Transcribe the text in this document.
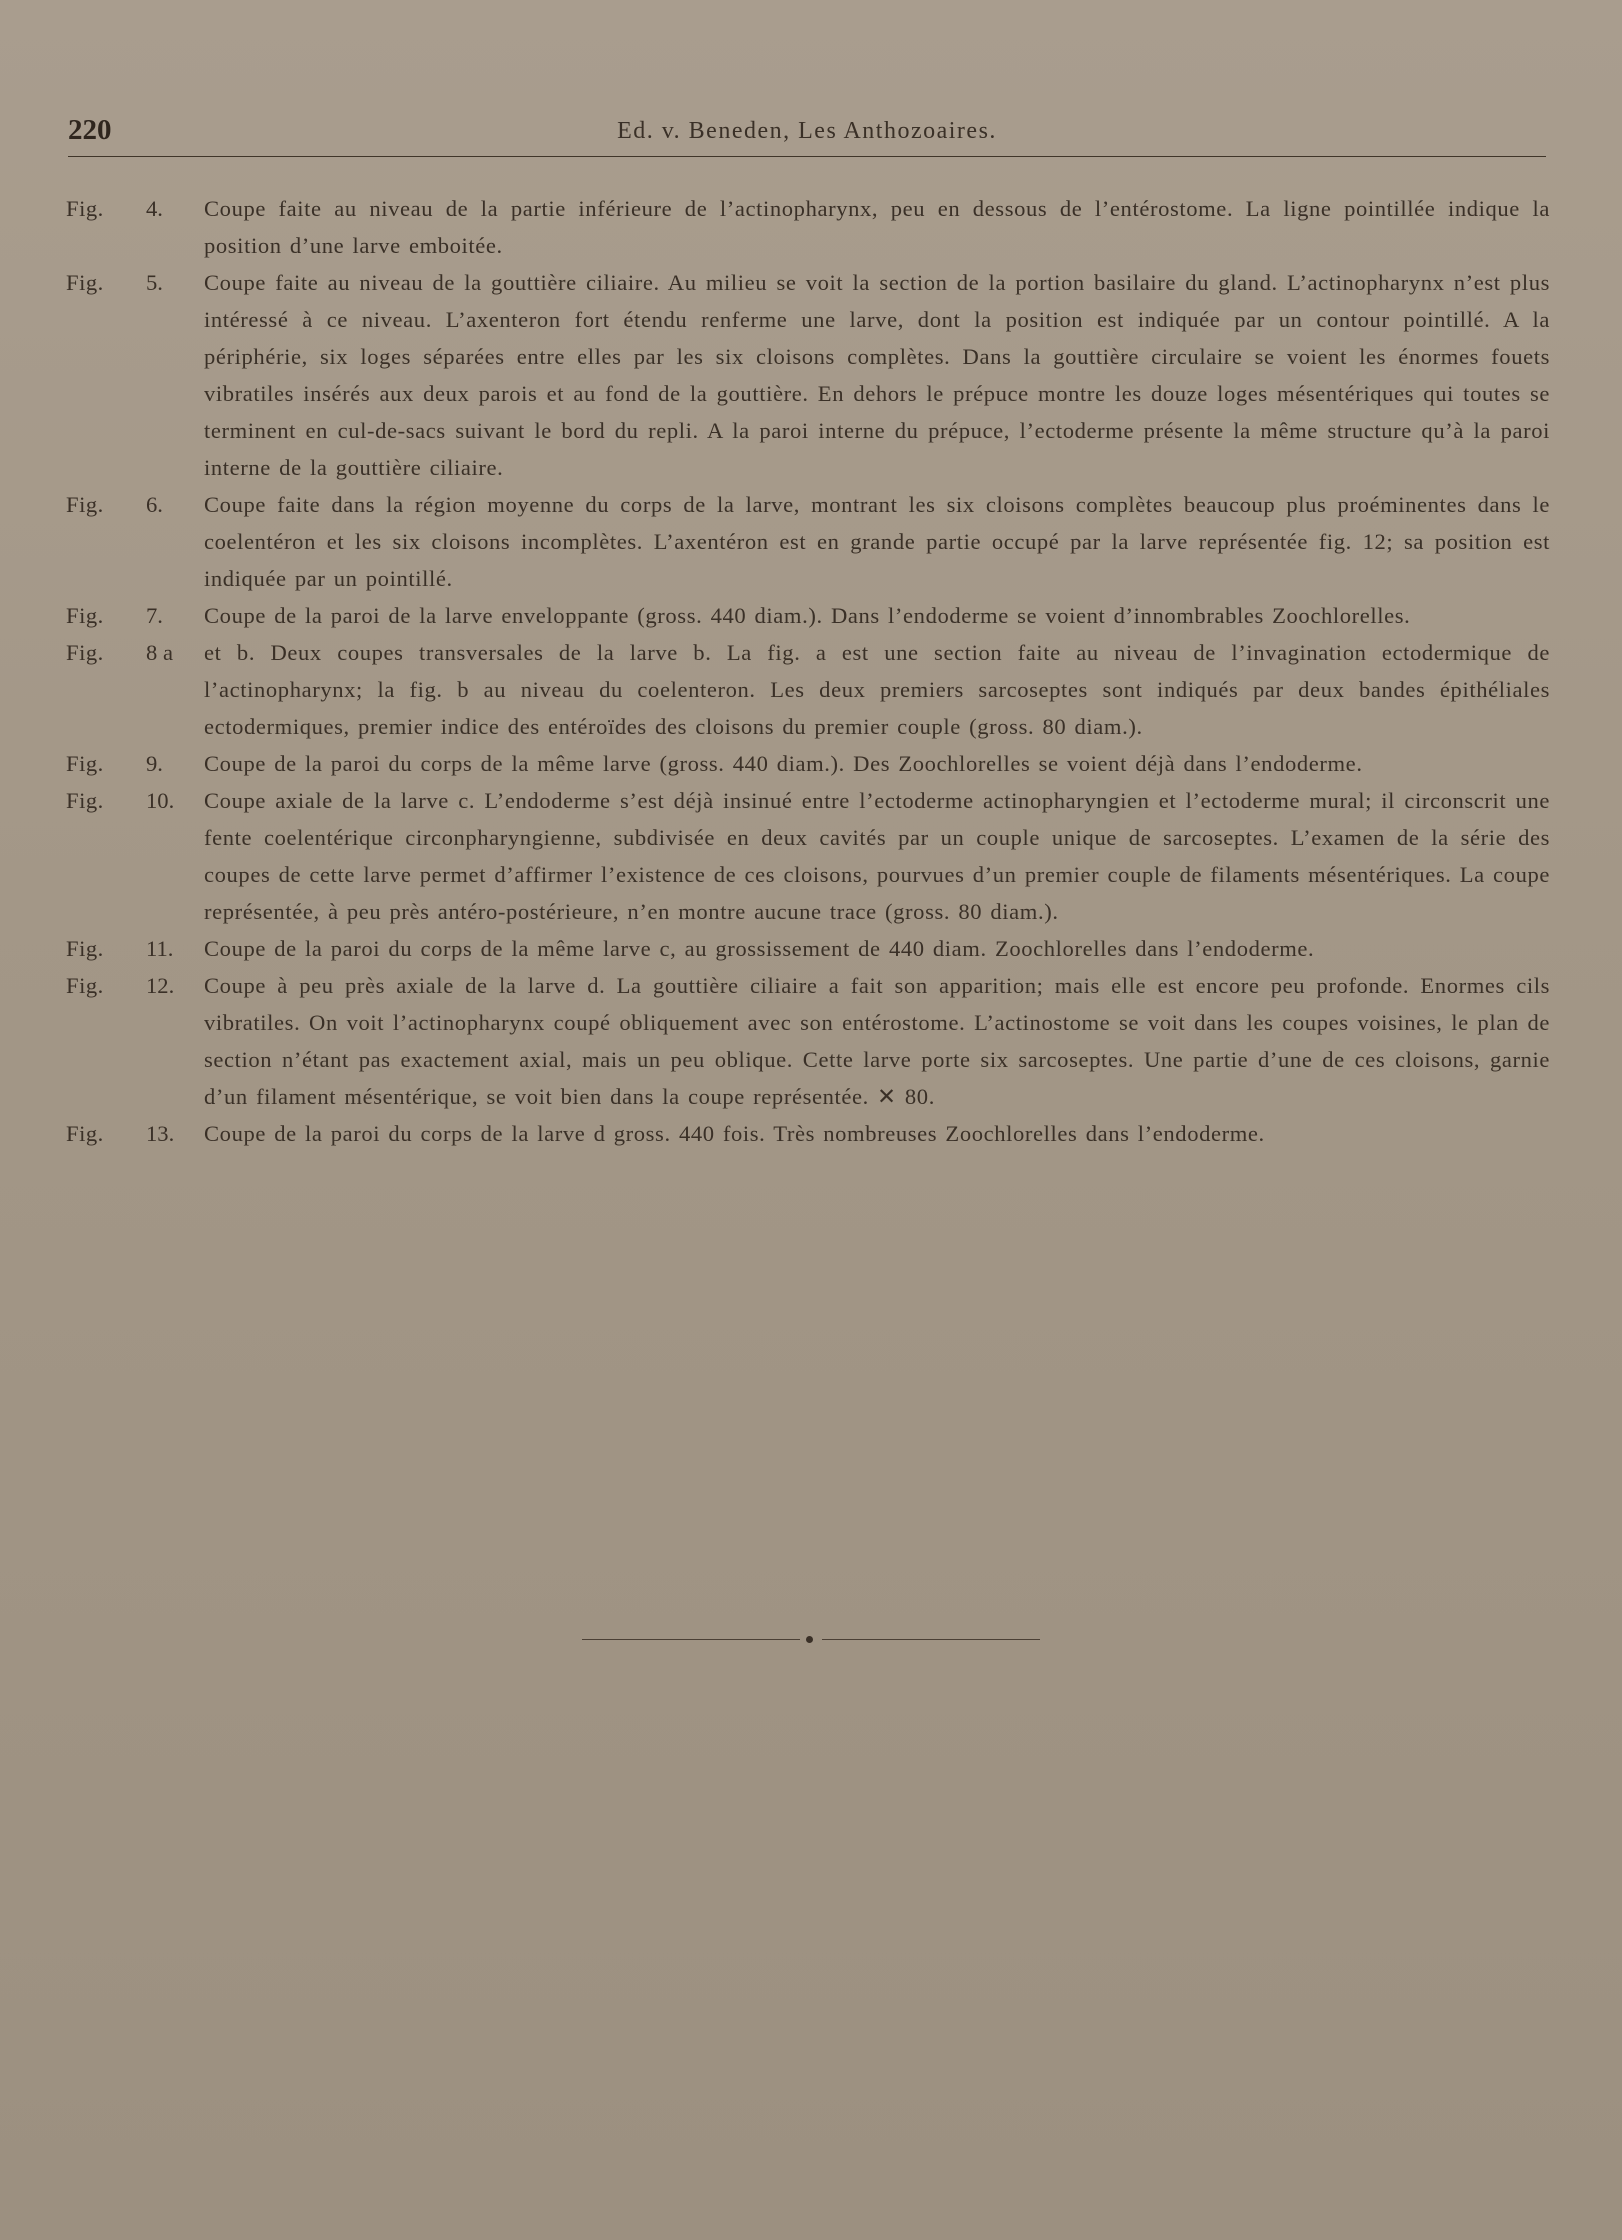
220	Ed. v. Beneden, Les Anthozoaires.
Fig.	4.	Coupe faite au niveau de la partie inférieure de l’actinopharynx, peu en dessous de l’entérostome. La ligne pointillée indique la position d’une larve emboitée.
Fig.	5.	Coupe faite au niveau de la gouttière ciliaire. Au milieu se voit la section de la portion basilaire du gland. L’actinopharynx n’est plus intéressé à ce niveau. L’axenteron fort étendu renferme une larve, dont la position est indiquée par un contour pointillé. A la périphérie, six loges séparées entre elles par les six cloisons complètes. Dans la gouttière circulaire se voient les énormes fouets vibratiles insérés aux deux parois et au fond de la gouttière. En dehors le prépuce montre les douze loges mésentériques qui toutes se terminent en cul-de-sacs suivant le bord du repli. A la paroi interne du prépuce, l’ectoderme présente la même structure qu’à la paroi interne de la gouttière ciliaire.
Fig.	6.	Coupe faite dans la région moyenne du corps de la larve, montrant les six cloisons complètes beaucoup plus proéminentes dans le coelentéron et les six cloisons incomplètes. L’axentéron est en grande partie occupé par la larve représentée fig. 12; sa position est indiquée par un pointillé.
Fig.	7.	Coupe de la paroi de la larve enveloppante (gross. 440 diam.). Dans l’endoderme se voient d’innombrables Zoochlorelles.
Fig.	8 a	et b. Deux coupes transversales de la larve b. La fig. a est une section faite au niveau de l’invagination ectodermique de l’actinopharynx; la fig. b au niveau du coelenteron. Les deux premiers sarcoseptes sont indiqués par deux bandes épithéliales ectodermiques, premier indice des entéroïdes des cloisons du premier couple (gross. 80 diam.).
Fig.	9.	Coupe de la paroi du corps de la même larve (gross. 440 diam.). Des Zoochlorelles se voient déjà dans l’endoderme.
Fig.	10.	Coupe axiale de la larve c. L’endoderme s’est déjà insinué entre l’ectoderme actinopharyngien et l’ectoderme mural; il circonscrit une fente coelentérique circonpharyngienne, subdivisée en deux cavités par un couple unique de sarcoseptes. L’examen de la série des coupes de cette larve permet d’affirmer l’existence de ces cloisons, pourvues d’un premier couple de filaments mésentériques. La coupe représentée, à peu près antéro-postérieure, n’en montre aucune trace (gross. 80 diam.).
Fig.	11.	Coupe de la paroi du corps de la même larve c, au grossissement de 440 diam. Zoochlorelles dans l’endoderme.
Fig.	12.	Coupe à peu près axiale de la larve d. La gouttière ciliaire a fait son apparition; mais elle est encore peu profonde. Enormes cils vibratiles. On voit l’actinopharynx coupé obliquement avec son entérostome. L’actinostome se voit dans les coupes voisines, le plan de section n’étant pas exactement axial, mais un peu oblique. Cette larve porte six sarcoseptes. Une partie d’une de ces cloisons, garnie d’un filament mésentérique, se voit bien dans la coupe représentée. ✕ 80.
Fig.	13.	Coupe de la paroi du corps de la larve d gross. 440 fois. Très nombreuses Zoochlorelles dans l’endoderme.
